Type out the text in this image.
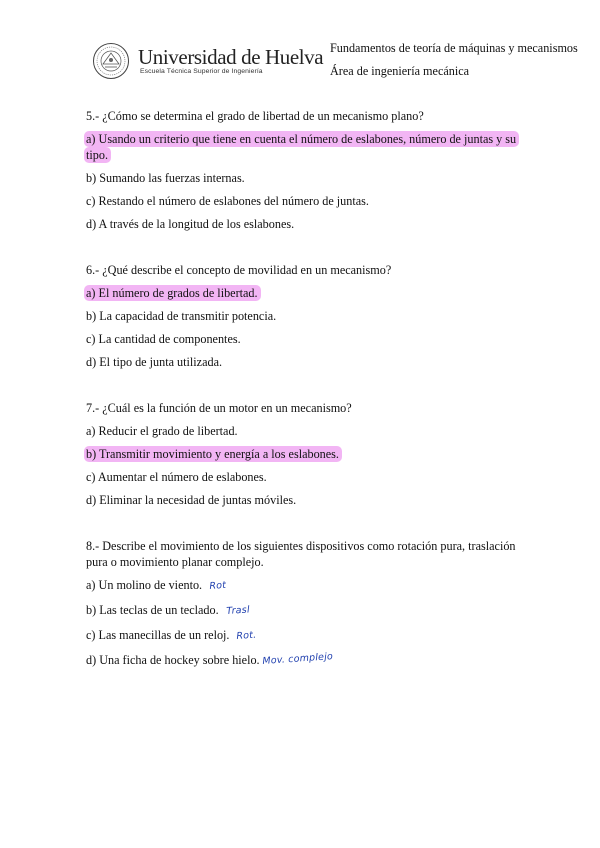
Universidad de Huelva
Escuela Técnica Superior de Ingeniería
Fundamentos de teoría de máquinas y mecanismos
Área de ingeniería mecánica

5.- ¿Cómo se determina el grado de libertad de un mecanismo plano?

a) Usando un criterio que tiene en cuenta el número de eslabones, número de juntas y su tipo.

b) Sumando las fuerzas internas.

c) Restando el número de eslabones del número de juntas.

d) A través de la longitud de los eslabones.

6.- ¿Qué describe el concepto de movilidad en un mecanismo?

a) El número de grados de libertad.

b) La capacidad de transmitir potencia.

c) La cantidad de componentes.

d) El tipo de junta utilizada.

7.- ¿Cuál es la función de un motor en un mecanismo?

a) Reducir el grado de libertad.

b) Transmitir movimiento y energía a los eslabones.

c) Aumentar el número de eslabones.

d) Eliminar la necesidad de juntas móviles.

8.- Describe el movimiento de los siguientes dispositivos como rotación pura, traslación pura o movimiento planar complejo.

a) Un molino de viento. Rot

b) Las teclas de un teclado. Trasl

c) Las manecillas de un reloj. Rot.

d) Una ficha de hockey sobre hielo. Mov. complejo
